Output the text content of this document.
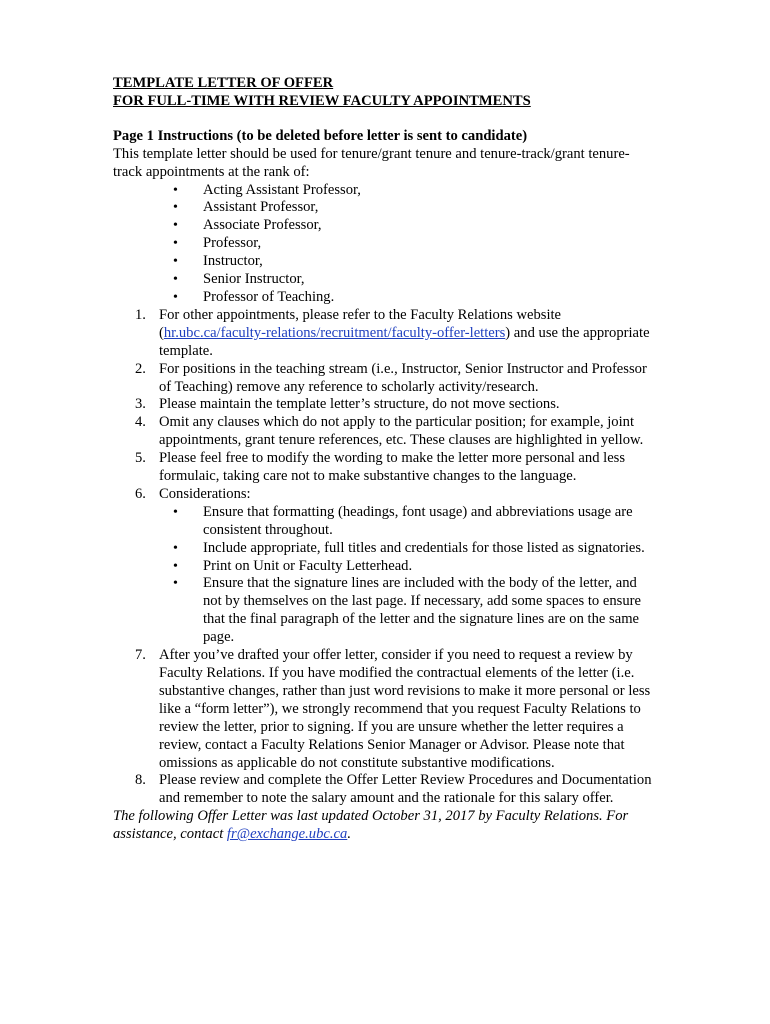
TEMPLATE LETTER OF OFFER

FOR FULL-TIME WITH REVIEW FACULTY APPOINTMENTS

Page 1 Instructions (to be deleted before letter is sent to candidate)

This template letter should be used for tenure/grant tenure and tenure-track/grant tenure-track appointments at the rank of:

• Acting Assistant Professor,
• Assistant Professor,
• Associate Professor,
• Professor,
• Instructor,
• Senior Instructor,
• Professor of Teaching.
1. For other appointments, please refer to the Faculty Relations website (hr.ubc.ca/faculty-relations/recruitment/faculty-offer-letters) and use the appropriate template.
2. For positions in the teaching stream (i.e., Instructor, Senior Instructor and Professor of Teaching) remove any reference to scholarly activity/research.
3. Please maintain the template letter’s structure, do not move sections.
4. Omit any clauses which do not apply to the particular position; for example, joint appointments, grant tenure references, etc. These clauses are highlighted in yellow.
5. Please feel free to modify the wording to make the letter more personal and less formulaic, taking care not to make substantive changes to the language.
6. Considerations:
• Ensure that formatting (headings, font usage) and abbreviations usage are consistent throughout.
• Include appropriate, full titles and credentials for those listed as signatories.
• Print on Unit or Faculty Letterhead.
• Ensure that the signature lines are included with the body of the letter, and not by themselves on the last page. If necessary, add some spaces to ensure that the final paragraph of the letter and the signature lines are on the same page.
7. After you’ve drafted your offer letter, consider if you need to request a review by Faculty Relations. If you have modified the contractual elements of the letter (i.e. substantive changes, rather than just word revisions to make it more personal or less like a “form letter”), we strongly recommend that you request Faculty Relations to review the letter, prior to signing. If you are unsure whether the letter requires a review, contact a Faculty Relations Senior Manager or Advisor. Please note that omissions as applicable do not constitute substantive modifications.
8. Please review and complete the Offer Letter Review Procedures and Documentation and remember to note the salary amount and the rationale for this salary offer.

The following Offer Letter was last updated October 31, 2017 by Faculty Relations. For assistance, contact fr@exchange.ubc.ca.
